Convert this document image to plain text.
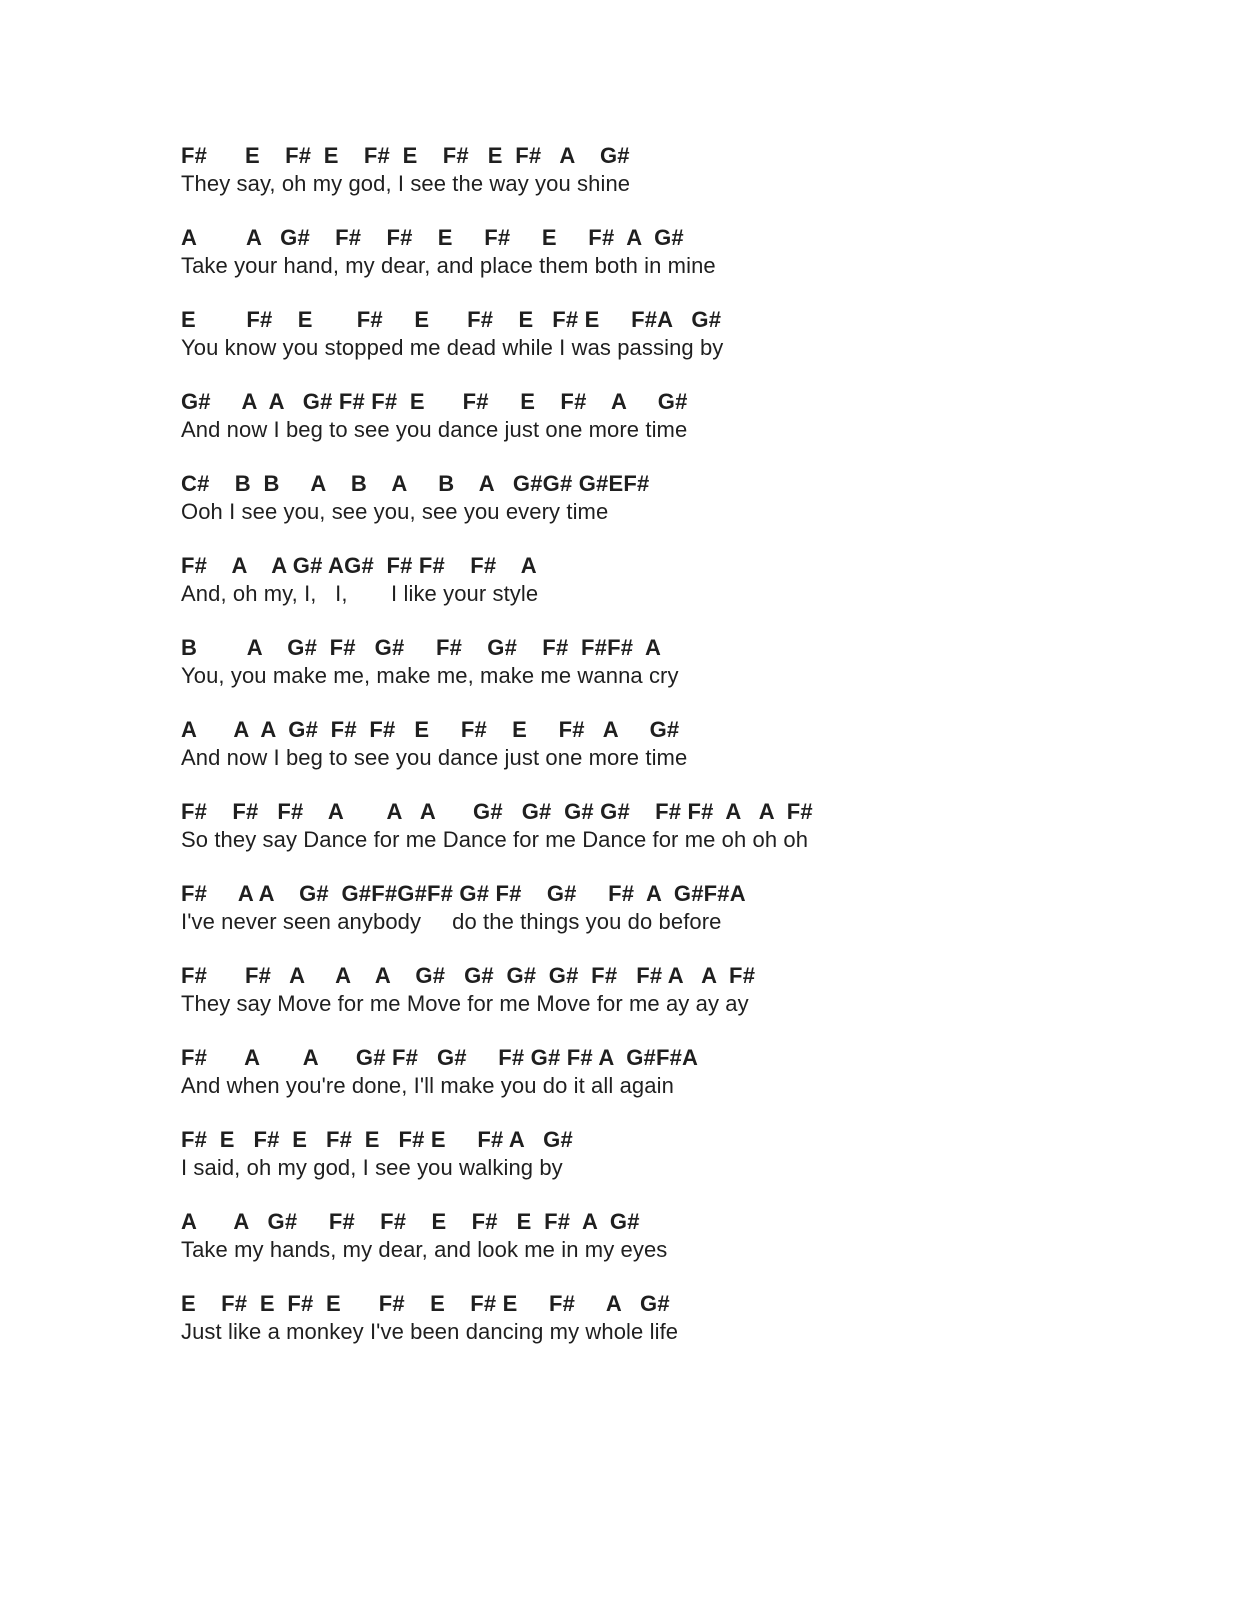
F#      E    F#  E    F#  E    F#   E  F#   A    G#

They say, oh my god, I see the way you shine

A        A   G#    F#    F#    E     F#     E     F#  A  G#

Take your hand, my dear, and place them both in mine

E        F#    E       F#     E      F#    E   F# E     F#A   G#

You know you stopped me dead while I was passing by

G#     A  A   G# F# F#  E      F#     E    F#    A     G#

And now I beg to see you dance just one more time

C#    B  B     A    B    A     B    A   G#G# G#EF#

Ooh I see you, see you, see you every time

F#    A    A G# AG#  F# F#    F#    A

And, oh my, I,   I,       I like your style

B        A    G#  F#   G#     F#    G#    F#  F#F#  A

You, you make me, make me, make me wanna cry

A      A  A  G#  F#  F#   E     F#    E     F#   A     G#

And now I beg to see you dance just one more time

F#    F#   F#    A       A   A      G#   G#  G# G#    F# F#  A   A  F#

So they say Dance for me Dance for me Dance for me oh oh oh

F#     A A    G#  G#F#G#F# G# F#    G#     F#  A  G#F#A

I've never seen anybody     do the things you do before

F#      F#   A     A    A    G#   G#  G#  G#  F#   F# A   A  F#

They say Move for me Move for me Move for me ay ay ay

F#      A       A      G# F#   G#     F# G# F# A  G#F#A

And when you're done, I'll make you do it all again

F#  E   F#  E   F#  E   F# E     F# A   G#

I said, oh my god, I see you walking by

A      A   G#     F#    F#    E    F#   E  F#  A  G#

Take my hands, my dear, and look me in my eyes

E    F#  E  F#  E      F#    E    F# E     F#     A   G#

Just like a monkey I've been dancing my whole life
